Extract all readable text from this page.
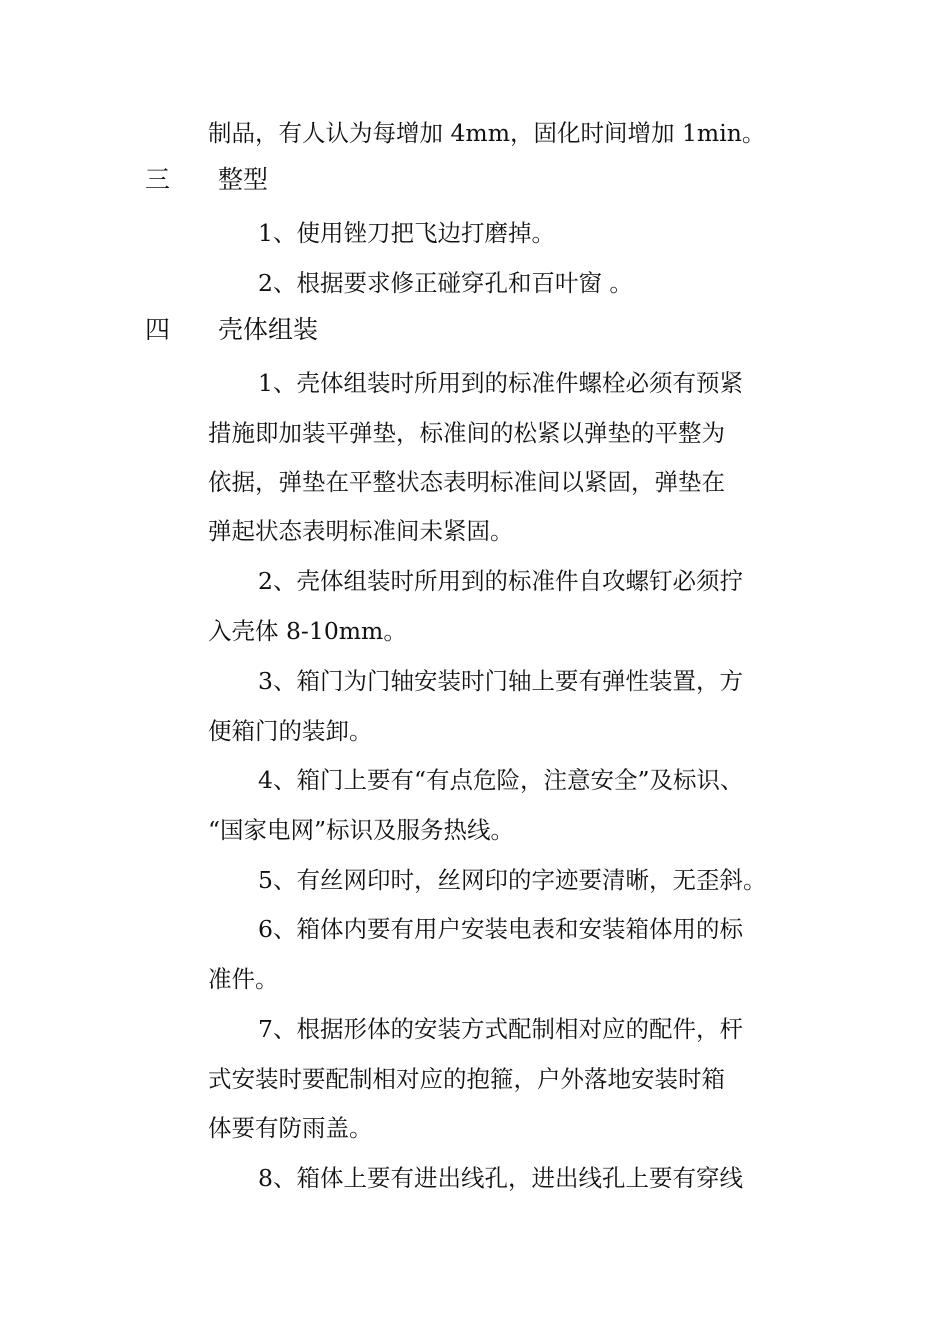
制品，有人认为每增加 4mm，固化时间增加 1min。
三 整型
1、使用锉刀把飞边打磨掉。
2、根据要求修正碰穿孔和百叶窗 。
四 壳体组装
1、壳体组装时所用到的标准件螺栓必须有预紧
措施即加装平弹垫，标准间的松紧以弹垫的平整为
依据，弹垫在平整状态表明标准间以紧固，弹垫在
弹起状态表明标准间未紧固。
2、壳体组装时所用到的标准件自攻螺钉必须拧
入壳体 8-10mm。
3、箱门为门轴安装时门轴上要有弹性装置，方
便箱门的装卸。
4、箱门上要有“有点危险，注意安全”及标识、
“国家电网”标识及服务热线。
5、有丝网印时，丝网印的字迹要清晰，无歪斜。
6、箱体内要有用户安装电表和安装箱体用的标
准件。
7、根据形体的安装方式配制相对应的配件，杆
式安装时要配制相对应的抱箍，户外落地安装时箱
体要有防雨盖。
8、箱体上要有进出线孔，进出线孔上要有穿线
